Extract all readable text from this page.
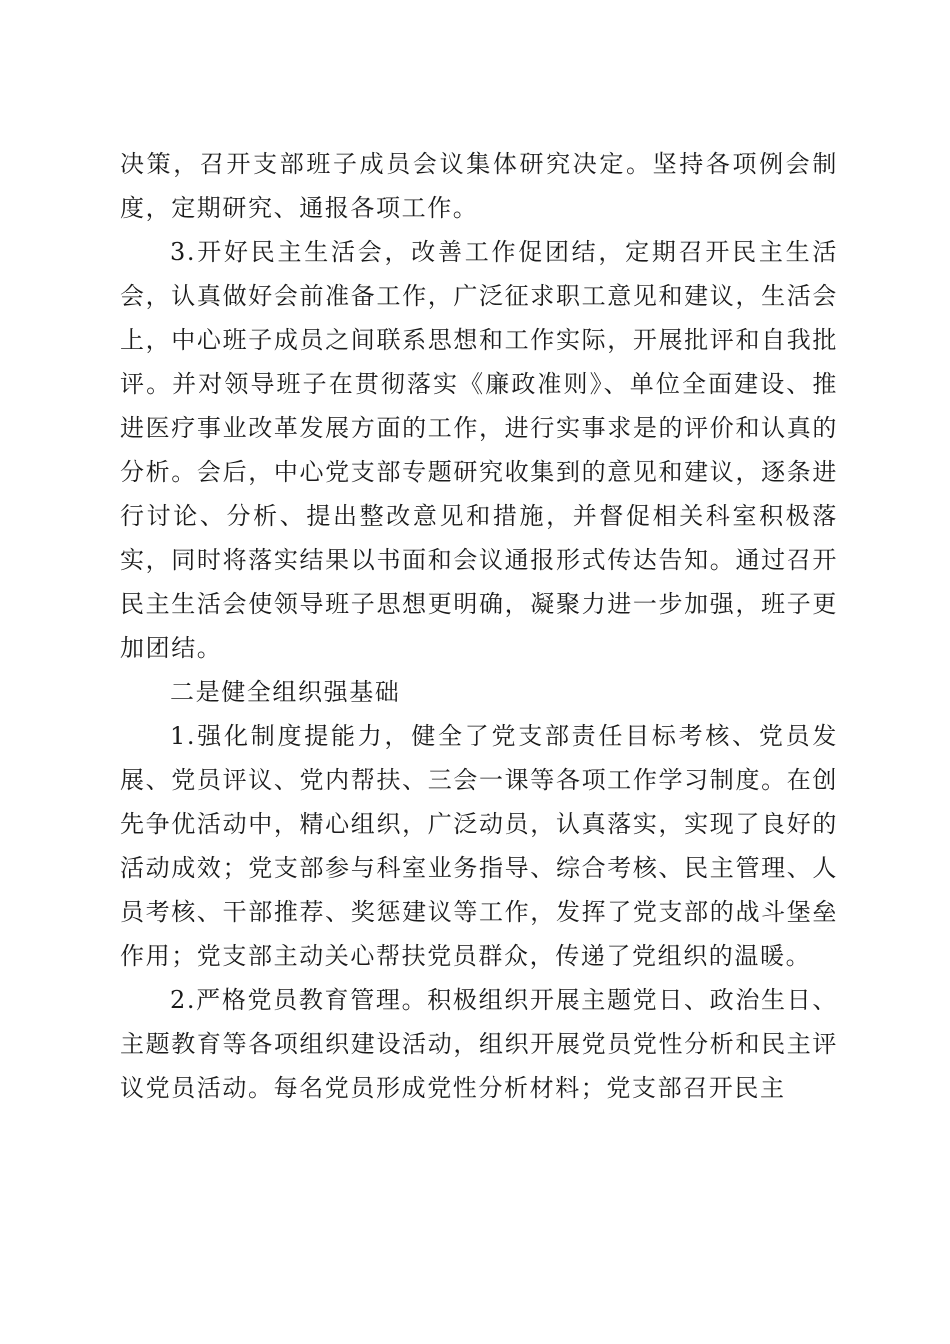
决策，召开支部班子成员会议集体研究决定。坚持各项例会制度，定期研究、通报各项工作。

3.开好民主生活会，改善工作促团结，定期召开民主生活会，认真做好会前准备工作，广泛征求职工意见和建议，生活会上，中心班子成员之间联系思想和工作实际，开展批评和自我批评。并对领导班子在贯彻落实《廉政准则》、单位全面建设、推进医疗事业改革发展方面的工作，进行实事求是的评价和认真的分析。会后，中心党支部专题研究收集到的意见和建议，逐条进行讨论、分析、提出整改意见和措施，并督促相关科室积极落实，同时将落实结果以书面和会议通报形式传达告知。通过召开民主生活会使领导班子思想更明确，凝聚力进一步加强，班子更加团结。

二是健全组织强基础

1.强化制度提能力，健全了党支部责任目标考核、党员发展、党员评议、党内帮扶、三会一课等各项工作学习制度。在创先争优活动中，精心组织，广泛动员，认真落实，实现了良好的活动成效；党支部参与科室业务指导、综合考核、民主管理、人员考核、干部推荐、奖惩建议等工作，发挥了党支部的战斗堡垒作用；党支部主动关心帮扶党员群众，传递了党组织的温暖。

2.严格党员教育管理。积极组织开展主题党日、政治生日、主题教育等各项组织建设活动，组织开展党员党性分析和民主评议党员活动。每名党员形成党性分析材料；党支部召开民主
